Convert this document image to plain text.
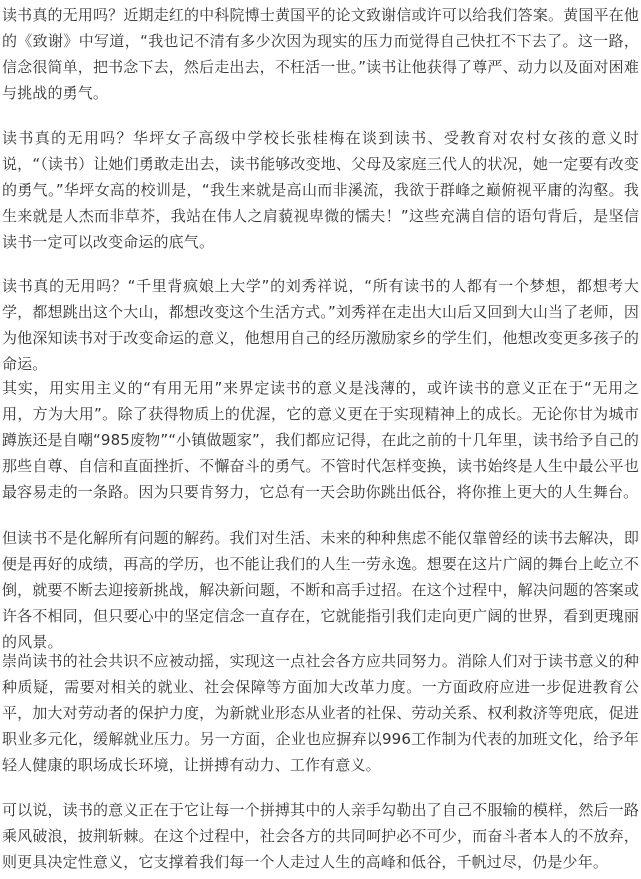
读书真的无用吗？近期走红的中科院博士黄国平的论文致谢信或许可以给我们答案。黄国平在他的《致谢》中写道，“我也记不清有多少次因为现实的压力而觉得自己快扛不下去了。这一路，信念很简单，把书念下去，然后走出去，不枉活一世。”读书让他获得了尊严、动力以及面对困难与挑战的勇气。

读书真的无用吗？华坪女子高级中学校长张桂梅在谈到读书、受教育对农村女孩的意义时说，“（读书）让她们勇敢走出去，读书能够改变地、父母及家庭三代人的状况，她一定要有改变的勇气。”华坪女高的校训是，“我生来就是高山而非溪流，我欲于群峰之巅俯视平庸的沟壑。我生来就是人杰而非草芥，我站在伟人之肩藐视卑微的懦夫！”这些充满自信的语句背后，是坚信读书一定可以改变命运的底气。

读书真的无用吗？“千里背疯娘上大学”的刘秀祥说，“所有读书的人都有一个梦想，都想考大学，都想跳出这个大山，都想改变这个生活方式。”刘秀祥在走出大山后又回到大山当了老师，因为他深知读书对于改变命运的意义，他想用自己的经历激励家乡的学生们，他想改变更多孩子的命运。

其实，用实用主义的“有用无用”来界定读书的意义是浅薄的，或许读书的意义正在于“无用之用，方为大用”。除了获得物质上的优渥，它的意义更在于实现精神上的成长。无论你甘为城市蹲族还是自嘲“985废物”“小镇做题家”，我们都应记得，在此之前的十几年里，读书给予自己的那些自尊、自信和直面挫折、不懈奋斗的勇气。不管时代怎样变换，读书始终是人生中最公平也最容易走的一条路。因为只要肯努力，它总有一天会助你跳出低谷，将你推上更大的人生舞台。

但读书不是化解所有问题的解药。我们对生活、未来的种种焦虑不能仅靠曾经的读书去解决，即便是再好的成绩，再高的学历，也不能让我们的人生一劳永逸。想要在这片广阔的舞台上屹立不倒，就要不断去迎接新挑战，解决新问题，不断和高手过招。在这个过程中，解决问题的答案或许各不相同，但只要心中的坚定信念一直存在，它就能指引我们走向更广阔的世界，看到更瑰丽的风景。

崇尚读书的社会共识不应被动摇，实现这一点社会各方应共同努力。消除人们对于读书意义的种种质疑，需要对相关的就业、社会保障等方面加大改革力度。一方面政府应进一步促进教育公平，加大对劳动者的保护力度，为新就业形态从业者的社保、劳动关系、权利救济等兜底，促进职业多元化，缓解就业压力。另一方面，企业也应摒弃以996工作制为代表的加班文化，给予年轻人健康的职场成长环境，让拼搏有动力、工作有意义。

可以说，读书的意义正在于它让每一个拼搏其中的人亲手勾勒出了自己不服输的模样，然后一路乘风破浪，披荆斩棘。在这个过程中，社会各方的共同呵护必不可少，而奋斗者本人的不放弃，则更具决定性意义，它支撑着我们每一个人走过人生的高峰和低谷，千帆过尽，仍是少年。
